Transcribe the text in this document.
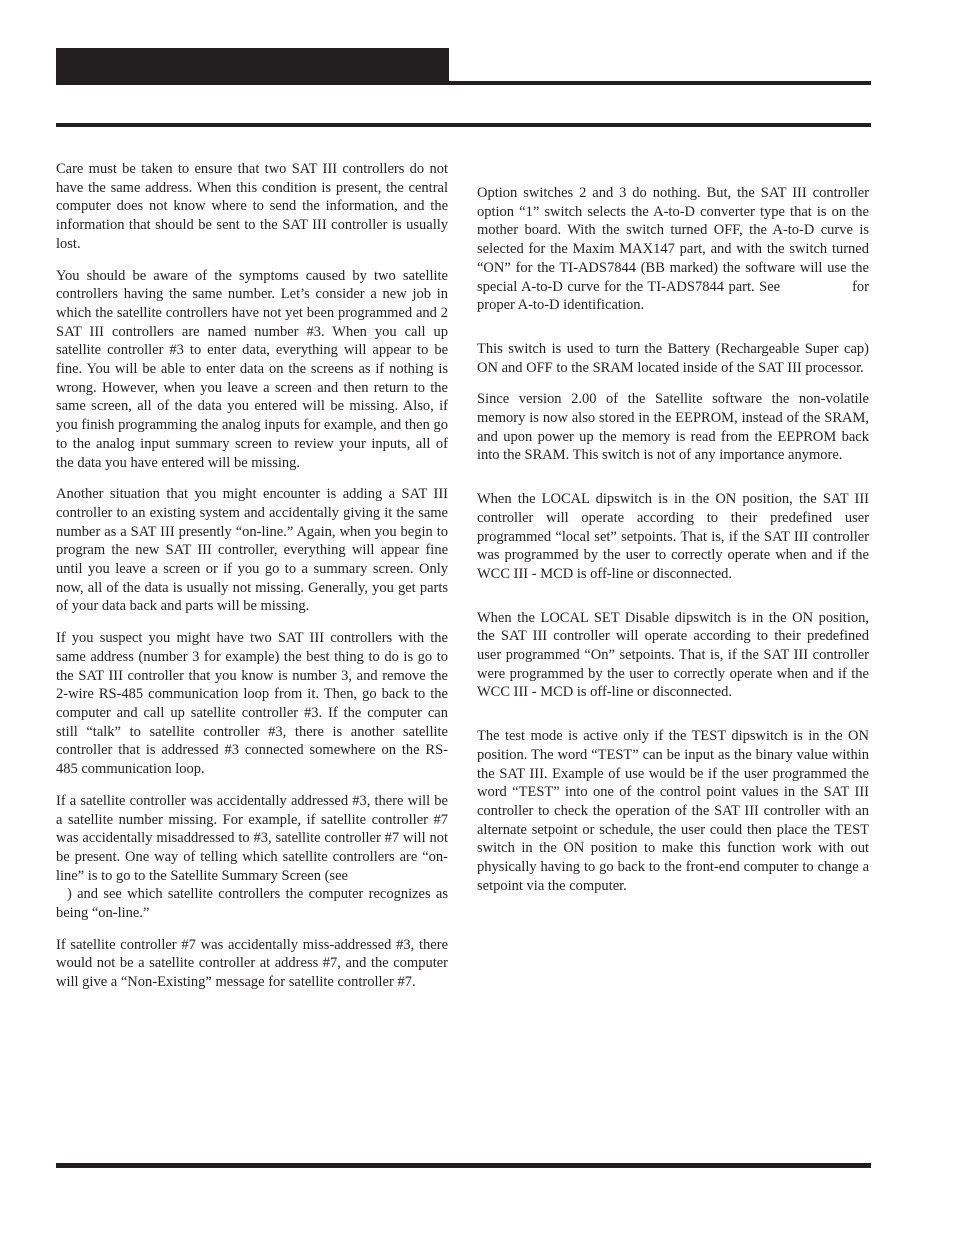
Care must be taken to ensure that two SAT III controllers do not have the same address. When this condition is present, the central computer does not know where to send the information, and the information that should be sent to the SAT III controller is usually lost.

You should be aware of the symptoms caused by two satellite controllers having the same number. Let’s consider a new job in which the satellite controllers have not yet been programmed and 2 SAT III controllers are named number #3. When you call up satellite controller #3 to enter data, everything will appear to be fine. You will be able to enter data on the screens as if nothing is wrong. However, when you leave a screen and then return to the same screen, all of the data you entered will be missing. Also, if you finish programming the analog inputs for example, and then go to the analog input summary screen to review your inputs, all of the data you have entered will be missing.

Another situation that you might encounter is adding a SAT III controller to an existing system and accidentally giving it the same number as a SAT III presently “on-line.” Again, when you begin to program the new SAT III controller, everything will appear fine until you leave a screen or if you go to a summary screen. Only now, all of the data is usually not missing. Generally, you get parts of your data back and parts will be missing.

If you suspect you might have two SAT III controllers with the same address (number 3 for example) the best thing to do is go to the SAT III controller that you know is number 3, and remove the 2-wire RS-485 communication loop from it. Then, go back to the computer and call up satellite controller #3. If the computer can still “talk” to satellite controller #3, there is another satellite controller that is addressed #3 connected somewhere on the RS-485 communication loop.

If a satellite controller was accidentally addressed #3, there will be a satellite number missing. For example, if satellite controller #7 was accidentally misaddressed to #3, satellite controller #7 will not be present. One way of telling which satellite controllers are “on-line” is to go to the Satellite Summary Screen (see
) and see which satellite controllers the computer recognizes as being “on-line.”

If satellite controller #7 was accidentally miss-addressed #3, there would not be a satellite controller at address #7, and the computer will give a “Non-Existing” message for satellite controller #7.

Option switches 2 and 3 do nothing. But, the SAT III controller option “1” switch selects the A-to-D converter type that is on the mother board. With the switch turned OFF, the A-to-D curve is selected for the Maxim MAX147 part, and with the switch turned “ON” for the TI-ADS7844 (BB marked) the software will use the special A-to-D curve for the TI-ADS7844 part. See	for proper A-to-D identification.

This switch is used to turn the Battery (Rechargeable Super cap) ON and OFF to the SRAM located inside of the SAT III processor.

Since version 2.00 of the Satellite software the non-volatile memory is now also stored in the EEPROM, instead of the SRAM, and upon power up the memory is read from the EEPROM back into the SRAM. This switch is not of any importance anymore.

When the LOCAL dipswitch is in the ON position, the SAT III controller will operate according to their predefined user programmed “local set” setpoints. That is, if the SAT III controller was programmed by the user to correctly operate when and if the WCC III - MCD is off-line or disconnected.

When the LOCAL SET Disable dipswitch is in the ON position, the SAT III controller will operate according to their predefined user programmed “On” setpoints. That is, if the SAT III controller were programmed by the user to correctly operate when and if the WCC III - MCD is off-line or disconnected.

The test mode is active only if the TEST dipswitch is in the ON position. The word “TEST” can be input as the binary value within the SAT III. Example of use would be if the user programmed the word “TEST” into one of the control point values in the SAT III controller to check the operation of the SAT III controller with an alternate setpoint or schedule, the user could then place the TEST switch in the ON position to make this function work with out physically having to go back to the front-end computer to change a setpoint via the computer.
